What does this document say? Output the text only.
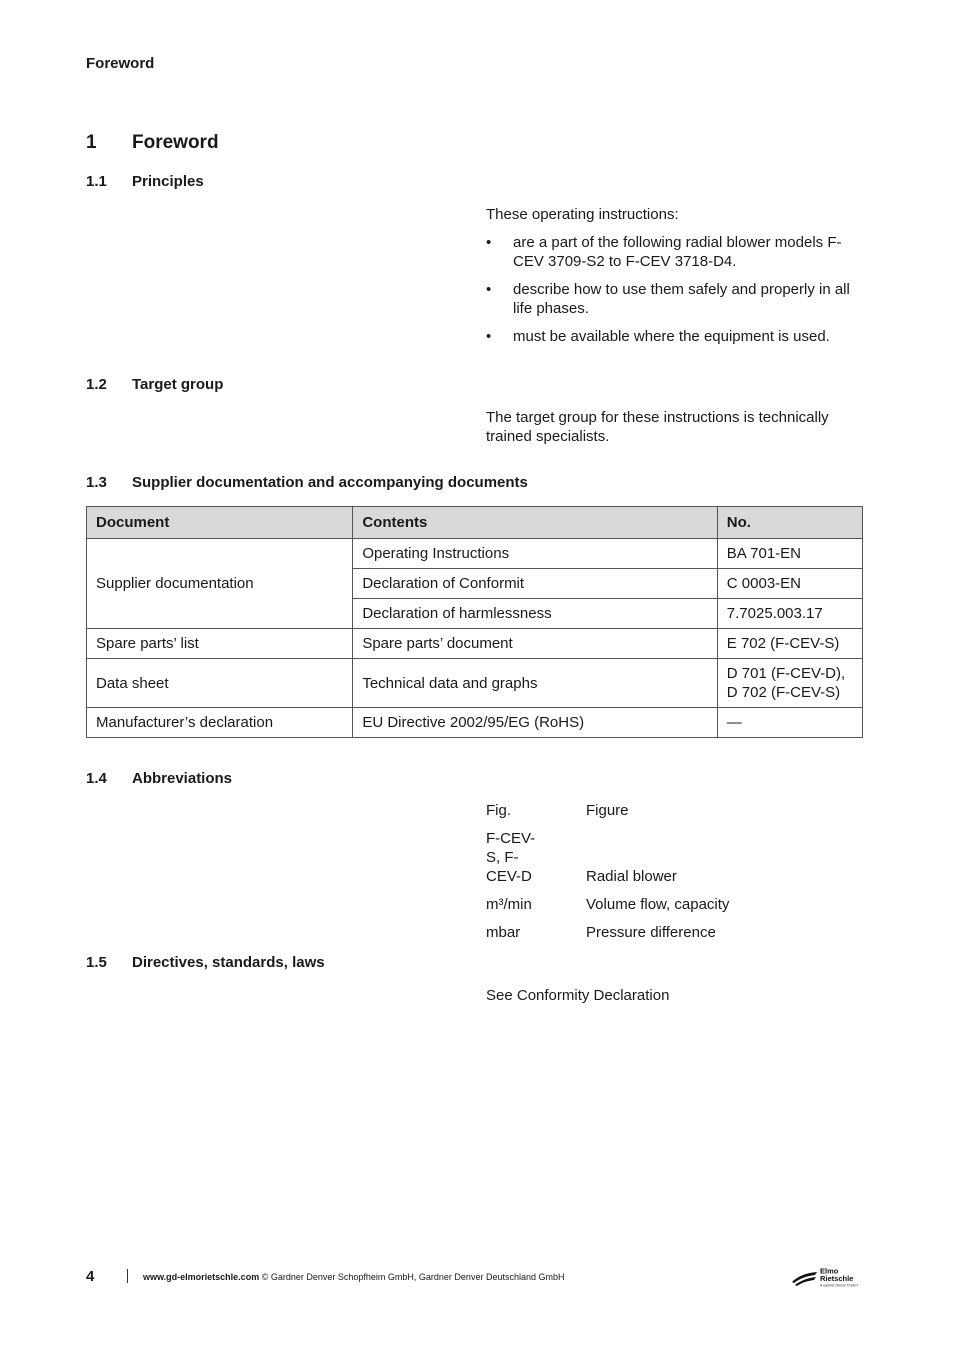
Foreword
1 Foreword
1.1 Principles
These operating instructions:
• are a part of the following radial blower models F-CEV 3709-S2 to F-CEV 3718-D4.
• describe how to use them safely and properly in all life phases.
• must be available where the equipment is used.
1.2 Target group
The target group for these instructions is technically trained specialists.
1.3 Supplier documentation and accompanying documents
Document	Contents	No.
Supplier documentation	Operating Instructions	BA 701-EN
	Declaration of Conformit	C 0003-EN
	Declaration of harmlessness	7.7025.003.17
Spare parts’ list	Spare parts’ document	E 702 (F-CEV-S)
Data sheet	Technical data and graphs	D 701 (F-CEV-D), D 702 (F-CEV-S)
Manufacturer’s declaration	EU Directive 2002/95/EG (RoHS)	—
1.4 Abbreviations
Fig.	Figure
F-CEV-S, F-CEV-D	Radial blower
m³/min	Volume flow, capacity
mbar	Pressure difference
1.5 Directives, standards, laws
See Conformity Declaration
4	www.gd-elmorietschle.com © Gardner Denver Schopfheim GmbH, Gardner Denver Deutschland GmbH
Elmo
Rietschle
A Gardner Denver Product
